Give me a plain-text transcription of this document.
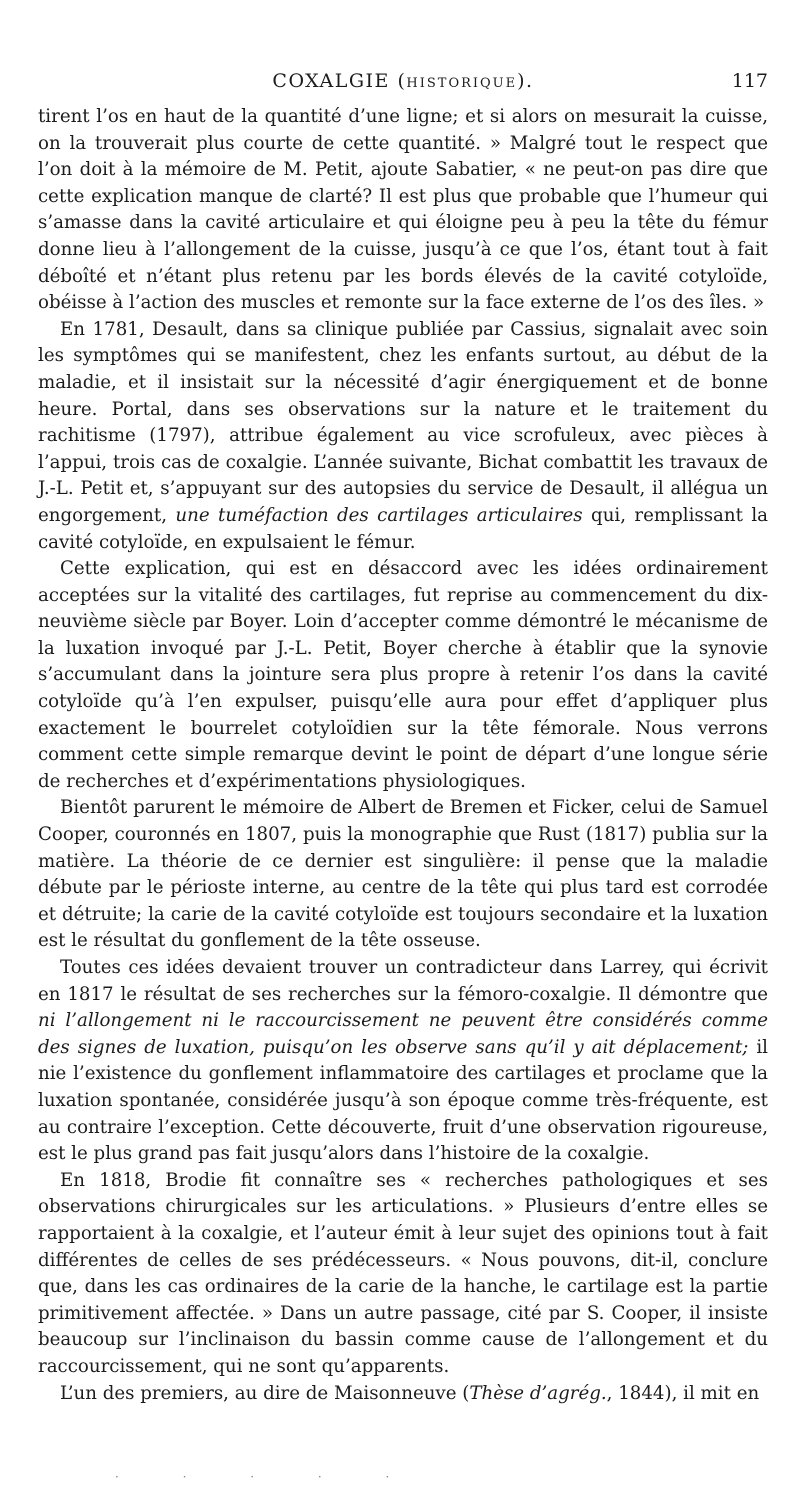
COXALGIE (HISTORIQUE).	117

tirent l’os en haut de la quantité d’une ligne; et si alors on mesurait la cuisse, on la trouverait plus courte de cette quantité. » Malgré tout le respect que l’on doit à la mémoire de M. Petit, ajoute Sabatier, « ne peut-on pas dire que cette explication manque de clarté? Il est plus que probable que l’humeur qui s’amasse dans la cavité articulaire et qui éloigne peu à peu la tête du fémur donne lieu à l’allongement de la cuisse, jusqu’à ce que l’os, étant tout à fait déboîté et n’étant plus retenu par les bords élevés de la cavité cotyloïde, obéisse à l’action des muscles et remonte sur la face externe de l’os des îles. »

En 1781, Desault, dans sa clinique publiée par Cassius, signalait avec soin les symptômes qui se manifestent, chez les enfants surtout, au début de la maladie, et il insistait sur la nécessité d’agir énergiquement et de bonne heure. Portal, dans ses observations sur la nature et le traitement du rachitisme (1797), attribue également au vice scrofuleux, avec pièces à l’appui, trois cas de coxalgie. L’année suivante, Bichat combattit les travaux de J.-L. Petit et, s’appuyant sur des autopsies du service de Desault, il allégua un engorgement, une tuméfaction des cartilages articulaires qui, remplissant la cavité cotyloïde, en expulsaient le fémur.

Cette explication, qui est en désaccord avec les idées ordinairement acceptées sur la vitalité des cartilages, fut reprise au commencement du dix-neuvième siècle par Boyer. Loin d’accepter comme démontré le mécanisme de la luxation invoqué par J.-L. Petit, Boyer cherche à établir que la synovie s’accumulant dans la jointure sera plus propre à retenir l’os dans la cavité cotyloïde qu’à l’en expulser, puisqu’elle aura pour effet d’appliquer plus exactement le bourrelet cotyloïdien sur la tête fémorale. Nous verrons comment cette simple remarque devint le point de départ d’une longue série de recherches et d’expérimentations physiologiques.

Bientôt parurent le mémoire de Albert de Bremen et Ficker, celui de Samuel Cooper, couronnés en 1807, puis la monographie que Rust (1817) publia sur la matière. La théorie de ce dernier est singulière: il pense que la maladie débute par le périoste interne, au centre de la tête qui plus tard est corrodée et détruite; la carie de la cavité cotyloïde est toujours secondaire et la luxation est le résultat du gonflement de la tête osseuse.

Toutes ces idées devaient trouver un contradicteur dans Larrey, qui écrivit en 1817 le résultat de ses recherches sur la fémoro-coxalgie. Il démontre que ni l’allongement ni le raccourcissement ne peuvent être considérés comme des signes de luxation, puisqu’on les observe sans qu’il y ait déplacement; il nie l’existence du gonflement inflammatoire des cartilages et proclame que la luxation spontanée, considérée jusqu’à son époque comme très-fréquente, est au contraire l’exception. Cette découverte, fruit d’une observation rigoureuse, est le plus grand pas fait jusqu’alors dans l’histoire de la coxalgie.

En 1818, Brodie fit connaître ses « recherches pathologiques et ses observations chirurgicales sur les articulations. » Plusieurs d’entre elles se rapportaient à la coxalgie, et l’auteur émit à leur sujet des opinions tout à fait différentes de celles de ses prédécesseurs. « Nous pouvons, dit-il, conclure que, dans les cas ordinaires de la carie de la hanche, le cartilage est la partie primitivement affectée. » Dans un autre passage, cité par S. Cooper, il insiste beaucoup sur l’inclinaison du bassin comme cause de l’allongement et du raccourcissement, qui ne sont qu’apparents.

L’un des premiers, au dire de Maisonneuve (Thèse d’agrég., 1844), il mit en

· · · · ·
